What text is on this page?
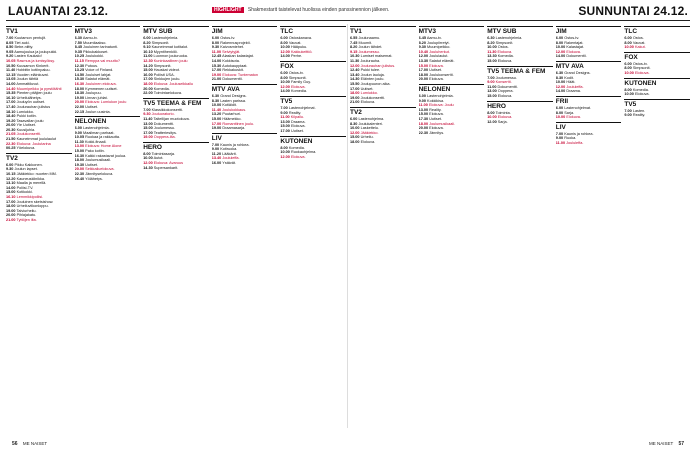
LAUANTAI 23.12.	HIGHLIGHT Shakmestarit taistelevat huolissa einden panssinennion jälkeen.	SUNNUNTAI 24.12.
TV1
7.00 Kuutamon pentujit.
8.05 Tiet auki.
8.50 Bebe-niitty.
9.05 Aamujoulua ja joulupukki.
9.20 Lasten Kaukalo!
10.05 Rasmus ja lumisyöksy.
10.50 Kuusamon Kinkerit.
11.40 Hobbitin kotiinpaluu.
12.15 Vuoden eläinkuvat.
13.05 Joulun tähtiä
14.00 Ammattiluvut.
14.40 Muumipeikko ja pyrstötähti
15.35 Pienten pitäjien joulu
16.10 Urheilulähetys.
17.00 Jouluyön uutiset.
17.40 Joulurauhan julistus
18.10 Lumiukko.
18.40 Pukki kotiin.
19.20 Tasavallan joulu
20.00 Yle Uutiset.
20.30 Kuusijuhla.
21.05 Joulukonsertti.
21.50 Kauneimmat joululaulut
22.30 Elokuva: Joulutarina
00.25 Yöelokuva.
TV2
6.00 Pikku Kakkonen.
9.30 Joulun lapset.
10.15 Jääkiekko: nuorten MM.
12.20 Kauneusklinikka.
13.10 Maalla ja merellä.
14.00 Poliisi-TV.
15.00 Kotikokki.
16.10 Lemmikkipoliisi.
17.00 Jouluinen sketsishow.
18.00 Urheiluviikonloppu.
19.00 Talviurheilu.
20.00 Pihlajakatu.
21.00 Tyttöjen ilta.
MTV3
6.30 Aamu-tv.
7.50 Muumilaakso.
8.45 Jouluinen tarinatunti.
9.35 Pikkukakkoset.
10.25 Joulukokki.
11.15 Remppa vai muutto?
12.30 Putous.
13.25 Voice of Finland.
14.50 Jouluiset lahjat.
15.30 Salatut elämät.
16.30 Jouluinen elokuva.
18.00 Kymmenen uutiset.
18.30 Joulupuu.
19.00 Linnan juhlat.
20.00 Elokuva: Lumiukon joulu
22.00 Uutiset.
22.15 Joulun uusinta.
NELONEN
6.00 Lastenohjelmia.
9.00 Maailman parhaat.
10.05 Ruokaa ja rakkautta.
11.30 Kokki-finaali.
13.00 Elokuva: Home Alone
15.00 Pako kotiin.
16.30 Kaikki rakastavat joulua.
18.00 Joulumusikaali.
19.30 Uutiset.
20.00 Seikkailuelokuva.
22.30 Jännityselokuva.
00.40 Yölähetys.
MTV SUB
6.00 Lastenohjelmia.
8.20 Simpsonit.
9.10 Kauneimmat kotitalot.
10.10 Myyntihenkilö.
11.00 Luonnon jouluruoka.
12.30 Kuninkaallinen joulu
14.20 Simpsonit.
15.00 Hauskat videot.
16.00 Poliisit USA.
17.00 Sinkkujen joulu.
18.00 Elokuva: Jouluseikkailu
20.00 Komedia.
22.00 Toimintaelokuva.
TV5 TEEMA & FEM
7.00 Klassikkokonsertti.
9.30 Jouluoratorio.
11.40 Taiteilijan muotokuva.
13.00 Dokumentti.
15.00 Joulumessu.
17.00 Teatteriesitys.
19.00 Ooppera-ilta.
HERO
8.00 Toimintasarja.
10.00 Autot.
12.00 Elokuva: Avaruus
14.30 Supersankarit.
JIM
6.00 Ostos-tv.
8.00 Rakennusprojekti.
9.30 Kaivosmiehet.
11.00 Selviytyjät.
12.45 Alaskan kalastajat.
14.00 Kokkisota.
15.30 Autokauppiaat.
17.00 Rekkakuskit.
19.00 Elokuva: Tuntematon
21.00 Dokumentti.
MTV AVA
6.30 Grand Designs.
8.30 Lasten parissa.
10.00 Kotiäidit.
11.40 Joulukokkaus.
13.20 Puutarhuri.
15.00 Häämekko.
17.00 Romanttinen joulu.
19.00 Draamasarja.
LIV
7.00 Kaunis ja rohkea.
9.00 Kotiruoka.
11.20 Lääkärit.
13.40 Joululeffa.
16.00 Ystävät.
TLC
6.00 Ostoskanava.
8.00 Vauvat.
10.00 Hääpuku.
12.00 Kakkukeittiö.
14.00 Perhe.
FOX
6.00 Ostos-tv.
8.00 Simpsonit.
10.00 Family Guy.
12.00 Elokuva.
14.00 Komedia.
TV5
7.00 Lastenohjelmat.
9.00 Reality.
11.00 Kilpailu.
13.00 Draama.
15.00 Elokuva.
17.00 Uutiset.
KUTONEN
8.00 Komedia.
10.00 Ruokaohjelma.
12.00 Elokuva.
TV1
6.55 Joulunaamu.
7.45 Muumit.
8.20 Joulun tähdet.
9.15 Joulumessu.
10.30 Lumiset maisemat.
11.30 Joulurauha.
12.00 Joulurauhan julistus.
12.40 Pukki tulee.
13.40 Joulun lauluja.
14.30 Eläinten joulu.
15.50 Joulupuuron aika.
17.00 Uutiset.
18.00 Lumiukko.
19.00 Joulukonsertti.
21.00 Elokuva.
TV2
6.00 Lastenohjelma.
8.30 Joulukalenteri.
10.00 Laskettelu.
12.00 Jääkiekko.
15.00 Urheilu.
18.00 Elokuva.
MTV3
6.45 Aamu-tv.
8.20 Joulupiirretyt.
9.30 Muumipeikko.
10.40 Jouluherkut.
12.00 Joululaulut.
13.30 Salatut elämät.
15.00 Elokuva.
17.00 Uutiset.
18.00 Joulukonsertti.
20.00 Elokuva.
NELONEN
6.00 Lastenohjelmia.
9.00 Kokkikisa.
11.00 Elokuva: Joulu
13.00 Reality.
15.00 Elokuva.
17.30 Uutiset.
18.00 Joulumusikaali.
20.00 Elokuva.
22.30 Jännitys.
MTV SUB
6.30 Lastenohjelmia.
8.20 Simpsonit.
10.00 Ostos.
11.30 Elokuva.
13.30 Komedia.
15.00 Elokuva.
TV5 TEEMA & FEM
7.00 Joulumessu.
9.00 Konsertti.
11.00 Dokumentti.
13.00 Ooppera.
15.00 Elokuva.
HERO
8.00 Toiminta.
10.00 Elokuva.
12.00 Sarja.
JIM
6.00 Ostos-tv.
8.00 Rakentajat.
10.00 Kalastajat.
12.00 Elokuva.
14.00 Dokumentti.
MTV AVA
6.30 Grand Designs.
8.30 Kodit.
10.00 Häät.
12.00 Joululeffa.
14.00 Draama.
FRII
6.00 Lastenohjelmat.
8.00 Sarja.
10.00 Elokuva.
LIV
7.00 Kaunis ja rohkea.
9.00 Ruoka.
11.00 Joululeffa.
TLC
6.00 Ostos.
8.00 Vauvat.
10.00 Kakut.
FOX
6.00 Ostos-tv.
8.00 Simpsonit.
10.00 Elokuva.
KUTONEN
8.00 Komedia.
10.00 Elokuva.
TV5
7.00 Lasten.
9.00 Reality.
56 ME NAISET	ME NAISET 57
